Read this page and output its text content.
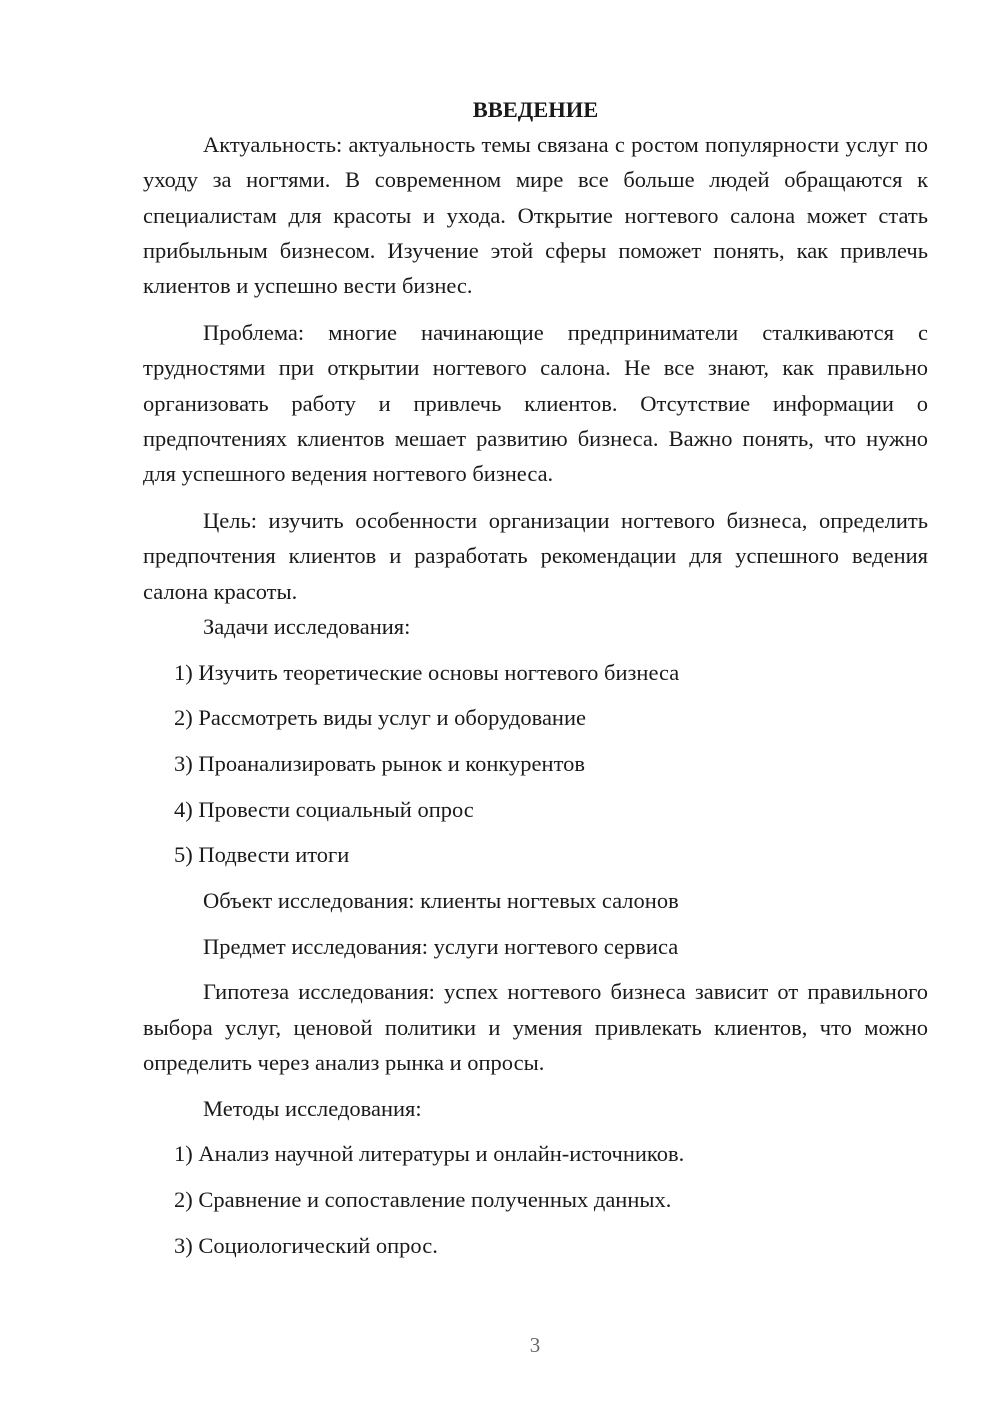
ВВЕДЕНИЕ

Актуальность: актуальность темы связана с ростом популярности услуг по уходу за ногтями. В современном мире все больше людей обращаются к специалистам для красоты и ухода. Открытие ногтевого салона может стать прибыльным бизнесом. Изучение этой сферы поможет понять, как привлечь клиентов и успешно вести бизнес.

Проблема: многие начинающие предприниматели сталкиваются с трудностями при открытии ногтевого салона. Не все знают, как правильно организовать работу и привлечь клиентов. Отсутствие информации о предпочтениях клиентов мешает развитию бизнеса. Важно понять, что нужно для успешного ведения ногтевого бизнеса.

Цель: изучить особенности организации ногтевого бизнеса, определить предпочтения клиентов и разработать рекомендации для успешного ведения салона красоты.

Задачи исследования:

1) Изучить теоретические основы ногтевого бизнеса

2) Рассмотреть виды услуг и оборудование

3) Проанализировать рынок и конкурентов

4) Провести социальный опрос

5) Подвести итоги

Объект исследования: клиенты ногтевых салонов

Предмет исследования: услуги ногтевого сервиса

Гипотеза исследования: успех ногтевого бизнеса зависит от правильного выбора услуг, ценовой политики и умения привлекать клиентов, что можно определить через анализ рынка и опросы.

Методы исследования:

1) Анализ научной литературы и онлайн-источников.

2) Сравнение и сопоставление полученных данных.

3) Социологический опрос.

3
